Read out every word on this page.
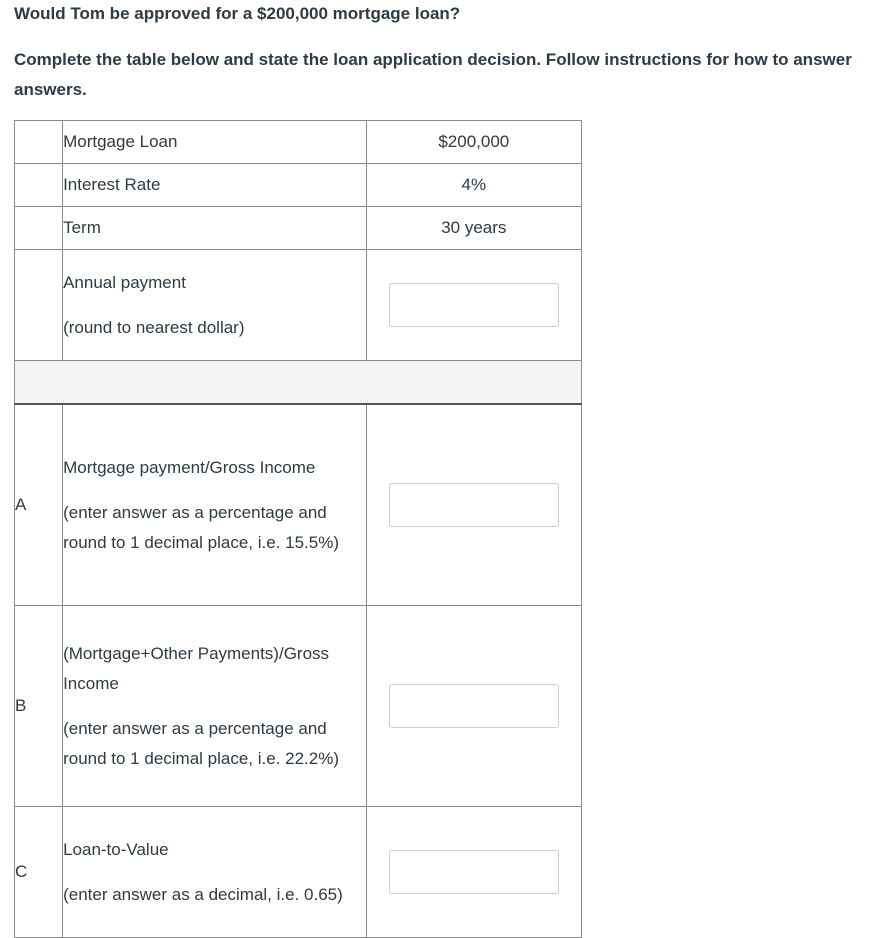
Would Tom be approved for a $200,000 mortgage loan?

Complete the table below and state the loan application decision. Follow instructions for how to answer answers.

	Mortgage Loan	$200,000
	Interest Rate	4%
	Term	30 years

	Annual payment

(round to nearest dollar)

A	Mortgage payment/Gross Income

(enter answer as a percentage and round to 1 decimal place, i.e. 15.5%)

B	(Mortgage+Other Payments)/Gross Income

(enter answer as a percentage and round to 1 decimal place, i.e. 22.2%)

C	Loan-to-Value

(enter answer as a decimal, i.e. 0.65)
